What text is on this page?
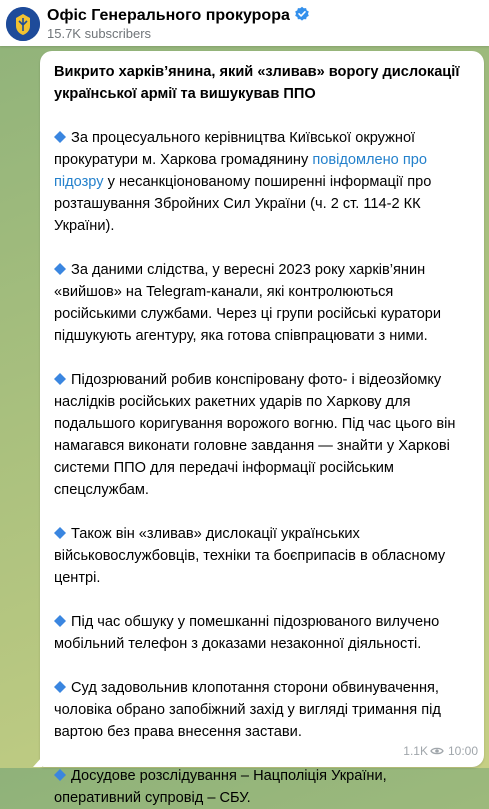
Офіс Генерального прокурора
15.7K subscribers

Викрито харків’янина, який «зливав» ворогу дислокації української армії та вишукував ППО

За процесуального керівництва Київської окружної прокуратури м. Харкова громадянину повідомлено про підозру у несанкціонованому поширенні інформації про розташування Збройних Сил України (ч. 2 ст. 114-2 КК України).

За даними слідства, у вересні 2023 року харків’янин «вийшов» на Telegram-канали, які контролюються російськими службами. Через ці групи російські куратори підшукують агентуру, яка готова співпрацювати з ними.

Підозрюваний робив конспіровану фото- і відеозйомку наслідків російських ракетних ударів по Харкову для подальшого коригування ворожого вогню. Під час цього він намагався виконати головне завдання — знайти у Харкові системи ППО для передачі інформації російським спецслужбам.

Також він «зливав» дислокації українських військовослужбовців, техніки та боєприпасів в обласному центрі.

Під час обшуку у помешканні підозрюваного вилучено мобільний телефон з доказами незаконної діяльності.

Суд задовольнив клопотання сторони обвинувачення, чоловіка обрано запобіжний захід у вигляді тримання під вартою без права внесення застави.

Досудове розслідування – Нацполіція України, оперативний супровід – СБУ.

1.1K 10:00
